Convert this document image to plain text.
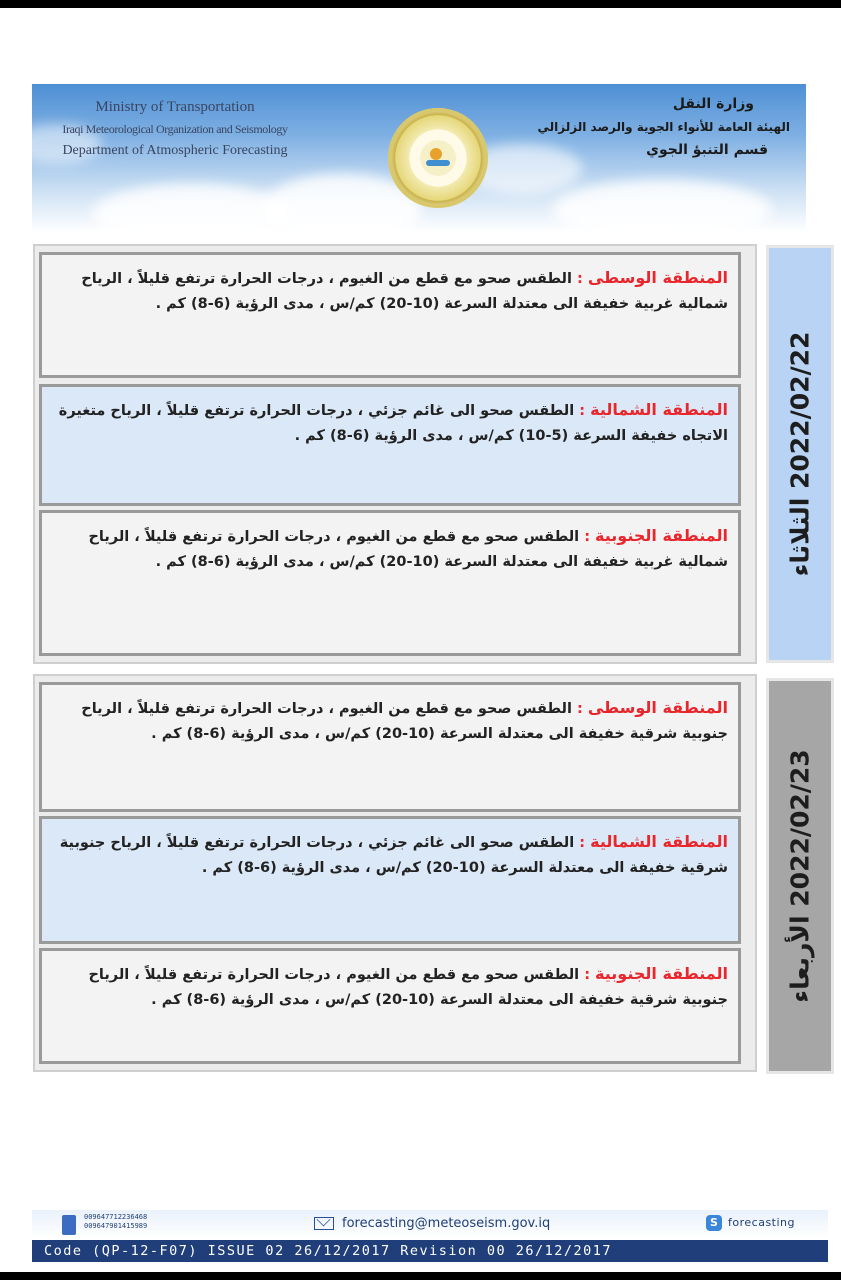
Ministry of Transportation
Iraqi Meteorological Organization and Seismology
Department of Atmospheric Forecasting
وزارة النقل
الهيئة العامة للأنواء الجوية والرصد الزلزالي
قسم التنبؤ الجوي
المنطقة الوسطى : الطقس صحو مع قطع من الغيوم ، درجات الحرارة ترتفع قليلاً ، الرياح شمالية غربية خفيفة الى معتدلة السرعة (10-20) كم/س ، مدى الرؤية (6-8) كم .
المنطقة الشمالية : الطقس صحو الى غائم جزئي ، درجات الحرارة ترتفع قليلاً ، الرياح متغيرة الاتجاه خفيفة السرعة (5-10) كم/س ، مدى الرؤية (6-8) كم .
المنطقة الجنوبية : الطقس صحو مع قطع من الغيوم ، درجات الحرارة ترتفع قليلاً ، الرياح شمالية غربية خفيفة الى معتدلة السرعة (10-20) كم/س ، مدى الرؤية (6-8) كم .
2022/02/22 الثلاثاء
المنطقة الوسطى : الطقس صحو مع قطع من الغيوم ، درجات الحرارة ترتفع قليلاً ، الرياح جنوبية شرقية خفيفة الى معتدلة السرعة (10-20) كم/س ، مدى الرؤية (6-8) كم .
المنطقة الشمالية : الطقس صحو الى غائم جزئي ، درجات الحرارة ترتفع قليلاً ، الرياح جنوبية شرقية خفيفة الى معتدلة السرعة (10-20) كم/س ، مدى الرؤية (6-8) كم .
المنطقة الجنوبية : الطقس صحو مع قطع من الغيوم ، درجات الحرارة ترتفع قليلاً ، الرياح جنوبية شرقية خفيفة الى معتدلة السرعة (10-20) كم/س ، مدى الرؤية (6-8) كم .
2022/02/23 الأربعاء
009647712236468
009647901415989	forecasting@meteoseism.gov.iq	S forecasting
Code (QP-12-F07) ISSUE 02 26/12/2017 Revision 00 26/12/2017
